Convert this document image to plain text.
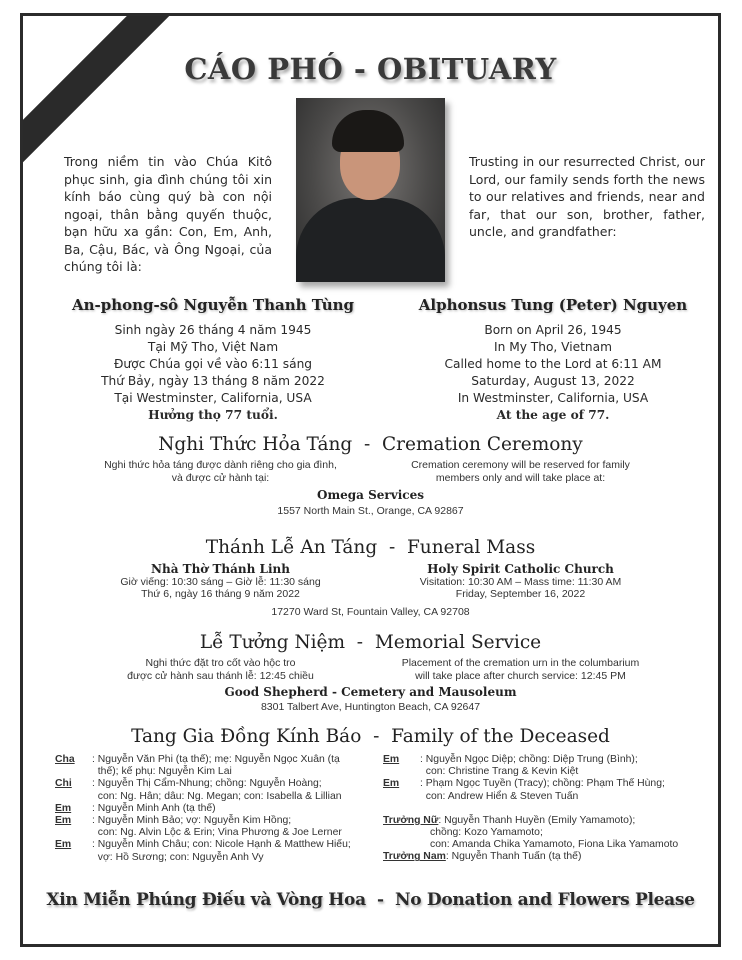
CÁO PHÓ - OBITUARY
Trong niềm tin vào Chúa Kitô phục sinh, gia đình chúng tôi xin kính báo cùng quý bà con nội ngoại, thân bằng quyến thuộc, bạn hữu xa gần: Con, Em, Anh, Ba, Cậu, Bác, và Ông Ngoại, của chúng tôi là:
Trusting in our resurrected Christ, our Lord, our family sends forth the news to our relatives and friends, near and far, that our son, brother, father, uncle, and grandfather:
An-phong-sô Nguyễn Thanh Tùng	Alphonsus Tung (Peter) Nguyen
Sinh ngày 26 tháng 4 năm 1945
Tại Mỹ Tho, Việt Nam
Được Chúa gọi về vào 6:11 sáng
Thứ Bảy, ngày 13 tháng 8 năm 2022
Tại Westminster, California, USA
Hưởng thọ 77 tuổi.
Born on April 26, 1945
In My Tho, Vietnam
Called home to the Lord at 6:11 AM
Saturday, August 13, 2022
In Westminster, California, USA
At the age of 77.
Nghi Thức Hỏa Táng  -  Cremation Ceremony
Nghi thức hỏa táng được dành riêng cho gia đình,
và được cử hành tại:
Cremation ceremony will be reserved for family
members only and will take place at:
Omega Services
1557 North Main St., Orange, CA 92867
Thánh Lễ An Táng  -  Funeral Mass
Nhà Thờ Thánh Linh
Giờ viếng: 10:30 sáng – Giờ lễ: 11:30 sáng
Thứ 6, ngày 16 tháng 9 năm 2022
Holy Spirit Catholic Church
Visitation: 10:30 AM – Mass time: 11:30 AM
Friday, September 16, 2022
17270 Ward St, Fountain Valley, CA 92708
Lễ Tưởng Niệm  -  Memorial Service
Nghi thức đặt tro cốt vào hộc tro
được cử hành sau thánh lễ: 12:45 chiều
Placement of the cremation urn in the columbarium
will take place after church service: 12:45 PM
Good Shepherd - Cemetery and Mausoleum
8301 Talbert Ave, Huntington Beach, CA 92647
Tang Gia Đồng Kính Báo  -  Family of the Deceased
Cha	: Nguyễn Văn Phi (tạ thế); mẹ: Nguyễn Ngọc Xuân (tạ
thế); kế phụ: Nguyễn Kim Lai
Chị	: Nguyễn Thị Cẩm-Nhung; chồng: Nguyễn Hoàng;
con: Ng. Hân; dâu: Ng. Megan; con: Isabella & Lillian
Em	: Nguyễn Minh Anh (tạ thế)
Em	: Nguyễn Minh Bảo; vợ: Nguyễn Kim Hồng;
con: Ng. Alvin Lộc & Erin; Vina Phương & Joe Lerner
Em	: Nguyễn Minh Châu; con: Nicole Hạnh & Matthew Hiếu;
vợ: Hồ Sương; con: Nguyễn Anh Vy
Em	: Nguyễn Ngọc Diệp; chồng: Diệp Trung (Bình);
con: Christine Trang & Kevin Kiệt
Em	: Phạm Ngọc Tuyền (Tracy); chồng: Phạm Thế Hùng;
con: Andrew Hiển & Steven Tuấn
Trưởng Nữ: Nguyễn Thanh Huyền (Emily Yamamoto);
chồng: Kozo Yamamoto;
con: Amanda Chika Yamamoto, Fiona Lika Yamamoto
Trưởng Nam: Nguyễn Thanh Tuấn (tạ thế)
Xin Miễn Phúng Điếu và Vòng Hoa  -  No Donation and Flowers Please
